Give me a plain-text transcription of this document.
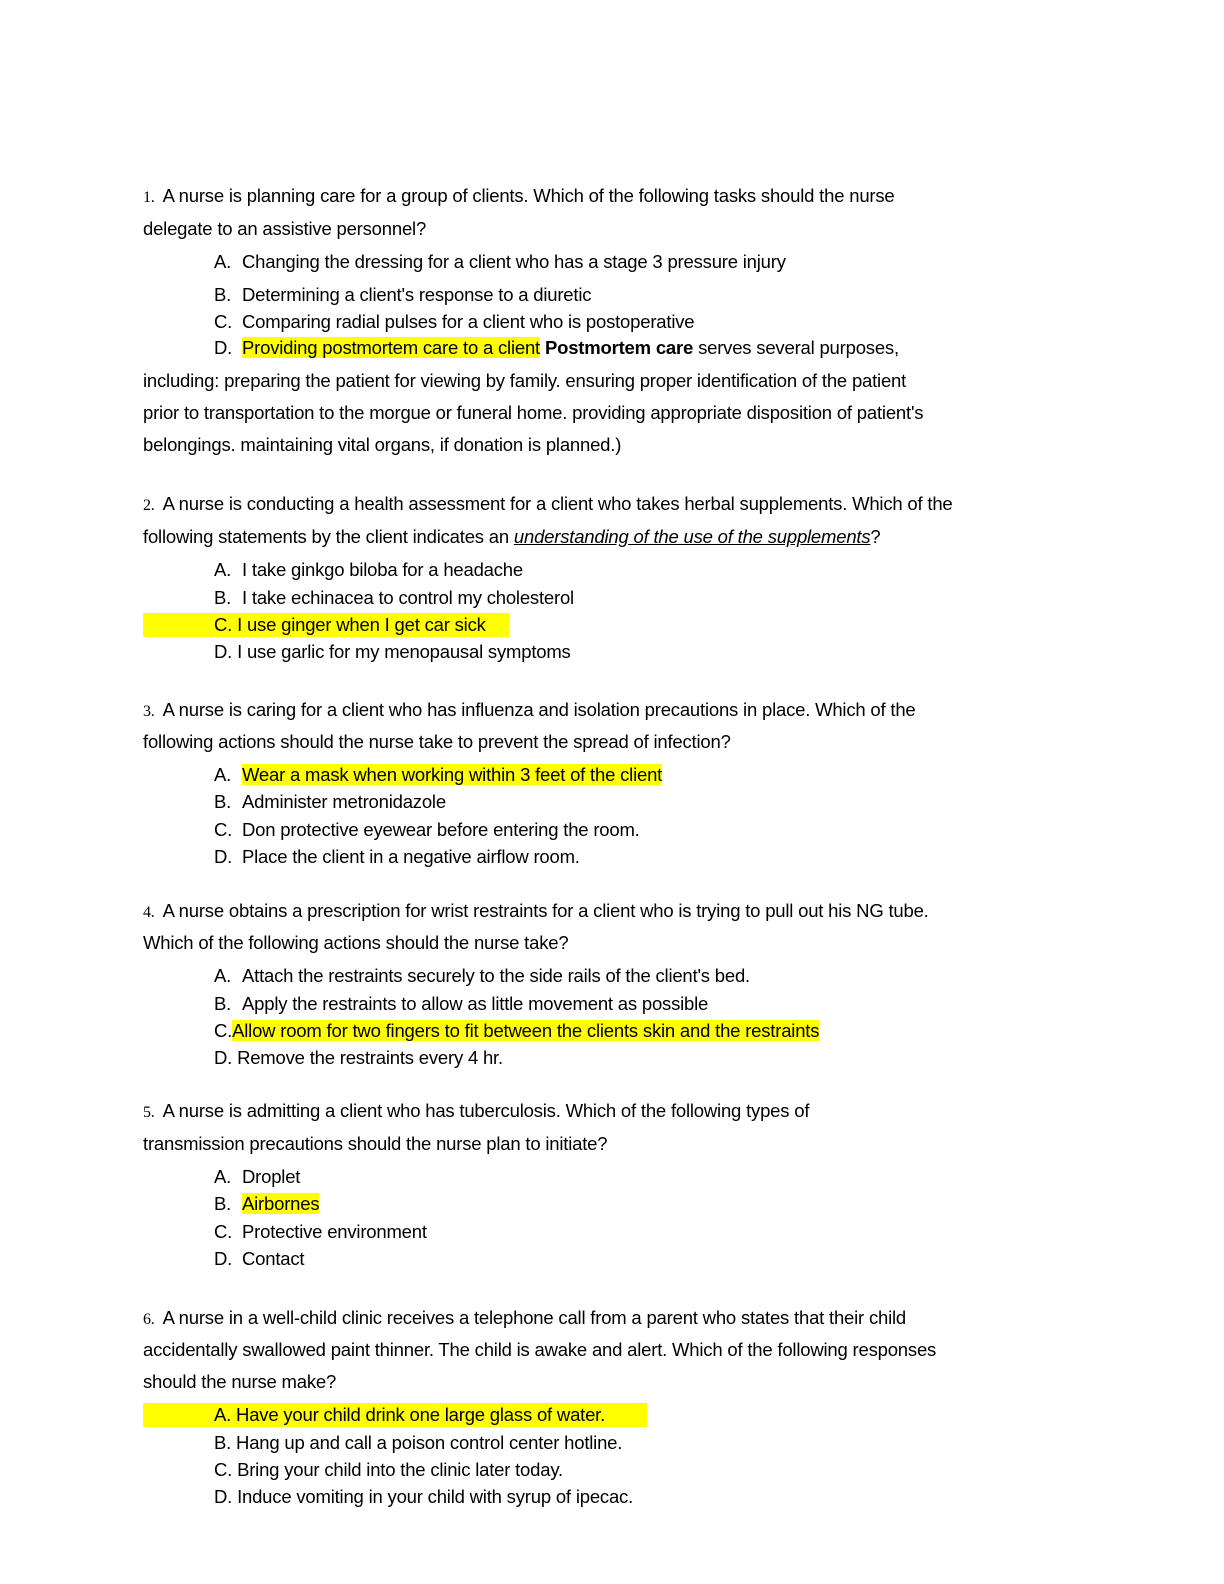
1. A nurse is planning care for a group of clients. Which of the following tasks should the nurse
delegate to an assistive personnel?
A. Changing the dressing for a client who has a stage 3 pressure injury
B. Determining a client's response to a diuretic
C. Comparing radial pulses for a client who is postoperative
D. Providing postmortem care to a client Postmortem care serves several purposes,
including: preparing the patient for viewing by family. ensuring proper identification of the patient
prior to transportation to the morgue or funeral home. providing appropriate disposition of patient's
belongings. maintaining vital organs, if donation is planned.)
2. A nurse is conducting a health assessment for a client who takes herbal supplements. Which of the
following statements by the client indicates an understanding of the use of the supplements?
A. I take ginkgo biloba for a headache
B. I take echinacea to control my cholesterol
C. I use ginger when I get car sick
D. I use garlic for my menopausal symptoms
3. A nurse is caring for a client who has influenza and isolation precautions in place. Which of the
following actions should the nurse take to prevent the spread of infection?
A. Wear a mask when working within 3 feet of the client
B. Administer metronidazole
C. Don protective eyewear before entering the room.
D. Place the client in a negative airflow room.
4. A nurse obtains a prescription for wrist restraints for a client who is trying to pull out his NG tube.
Which of the following actions should the nurse take?
A. Attach the restraints securely to the side rails of the client's bed.
B. Apply the restraints to allow as little movement as possible
C.Allow room for two fingers to fit between the clients skin and the restraints
D. Remove the restraints every 4 hr.
5. A nurse is admitting a client who has tuberculosis. Which of the following types of
transmission precautions should the nurse plan to initiate?
A. Droplet
B. Airbornes
C. Protective environment
D. Contact
6. A nurse in a well-child clinic receives a telephone call from a parent who states that their child
accidentally swallowed paint thinner. The child is awake and alert. Which of the following responses
should the nurse make?
A. Have your child drink one large glass of water.
B. Hang up and call a poison control center hotline.
C. Bring your child into the clinic later today.
D. Induce vomiting in your child with syrup of ipecac.
